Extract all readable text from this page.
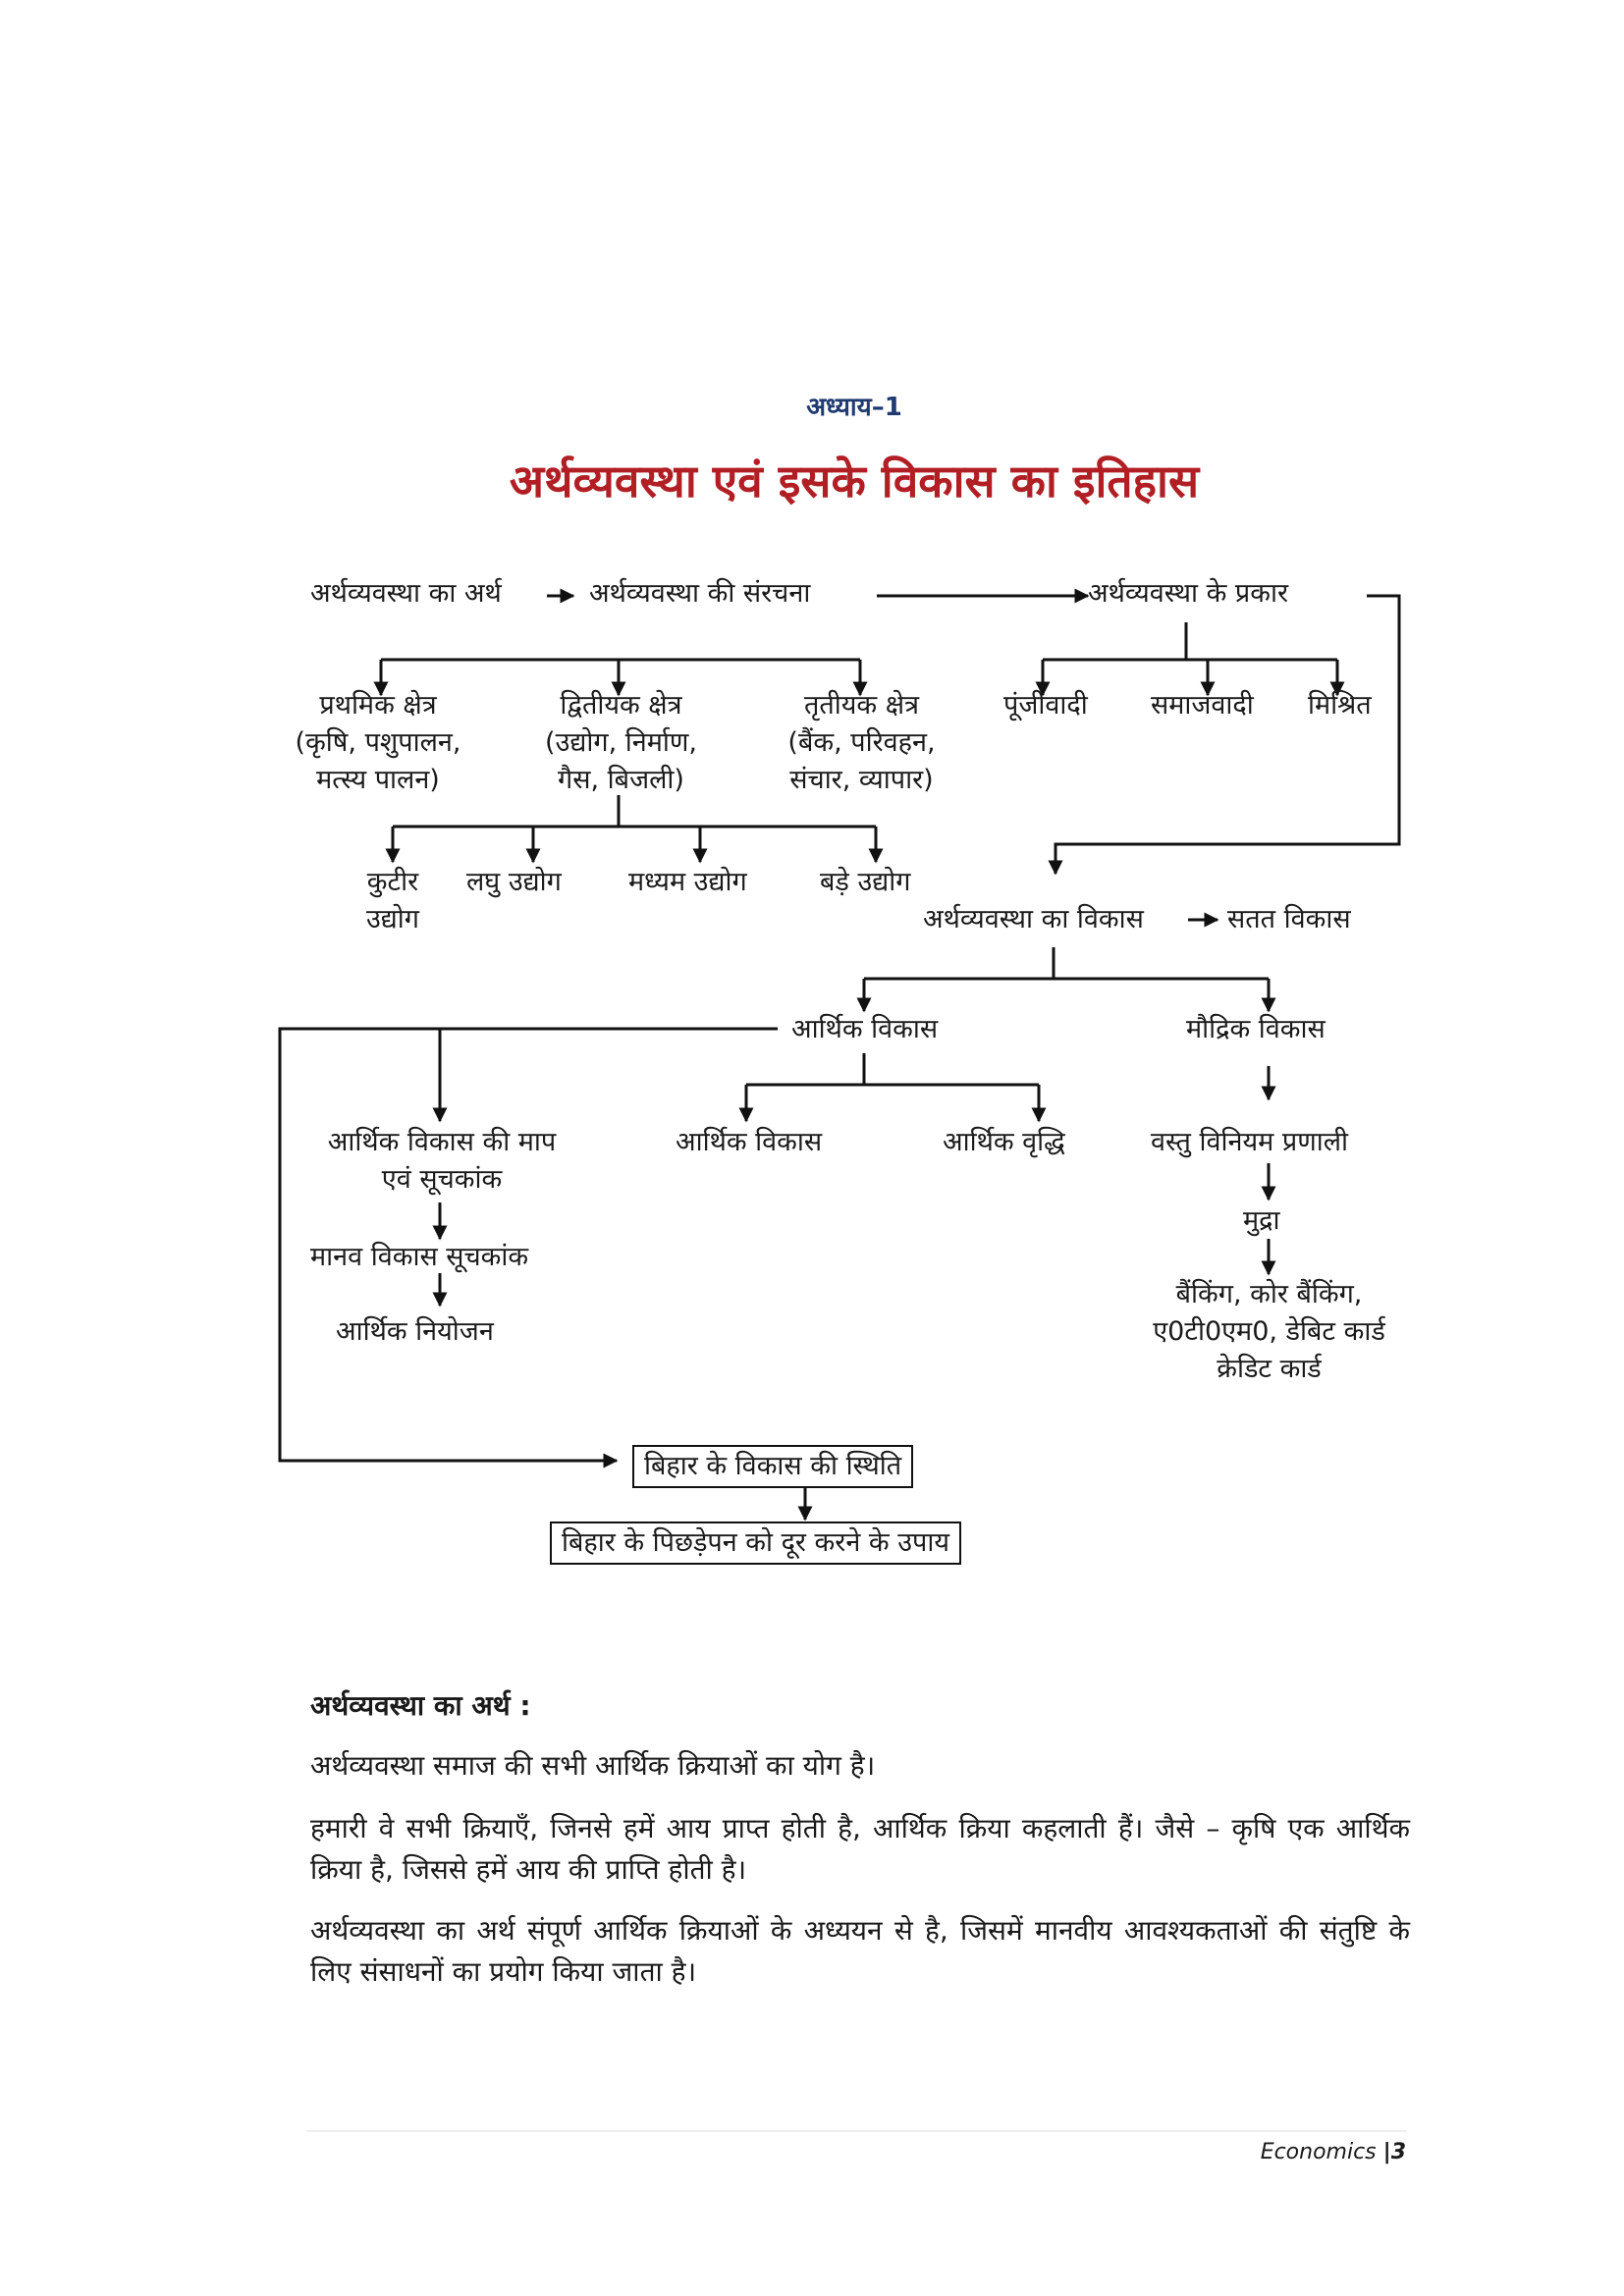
अध्याय–1
अर्थव्यवस्था एवं इसके विकास का इतिहास
अर्थव्यवस्था का अर्थ	अर्थव्यवस्था की संरचना	अर्थव्यवस्था के प्रकार
प्रथमिक क्षेत्र
(कृषि, पशुपालन,
मत्स्य पालन)
द्वितीयक क्षेत्र
(उद्योग, निर्माण,
गैस, बिजली)
तृतीयक क्षेत्र
(बैंक, परिवहन,
संचार, व्यापार)
पूंजीवादी समाजवादी मिश्रित
कुटीर
उद्योग
लघु उद्योग	मध्यम उद्योग	बड़े उद्योग
अर्थव्यवस्था का विकास	सतत विकास
आर्थिक विकास	मौद्रिक विकास
आर्थिक विकास की माप
एवं सूचकांक
मानव विकास सूचकांक
आर्थिक नियोजन
आर्थिक विकास	आर्थिक वृद्धि	वस्तु विनियम प्रणाली
मुद्रा
बैंकिंग, कोर बैंकिंग,
ए0टी0एम0, डेबिट कार्ड
क्रेडिट कार्ड
बिहार के विकास की स्थिति
बिहार के पिछड़ेपन को दूर करने के उपाय
अर्थव्यवस्था का अर्थ :
अर्थव्यवस्था समाज की सभी आर्थिक क्रियाओं का योग है।
हमारी वे सभी क्रियाएँ, जिनसे हमें आय प्राप्त होती है, आर्थिक क्रिया कहलाती हैं। जैसे – कृषि एक आर्थिक क्रिया है, जिससे हमें आय की प्राप्ति होती है।
अर्थव्यवस्था का अर्थ संपूर्ण आर्थिक क्रियाओं के अध्ययन से है, जिसमें मानवीय आवश्यकताओं की संतुष्टि के लिए संसाधनों का प्रयोग किया जाता है।
Economics |3
